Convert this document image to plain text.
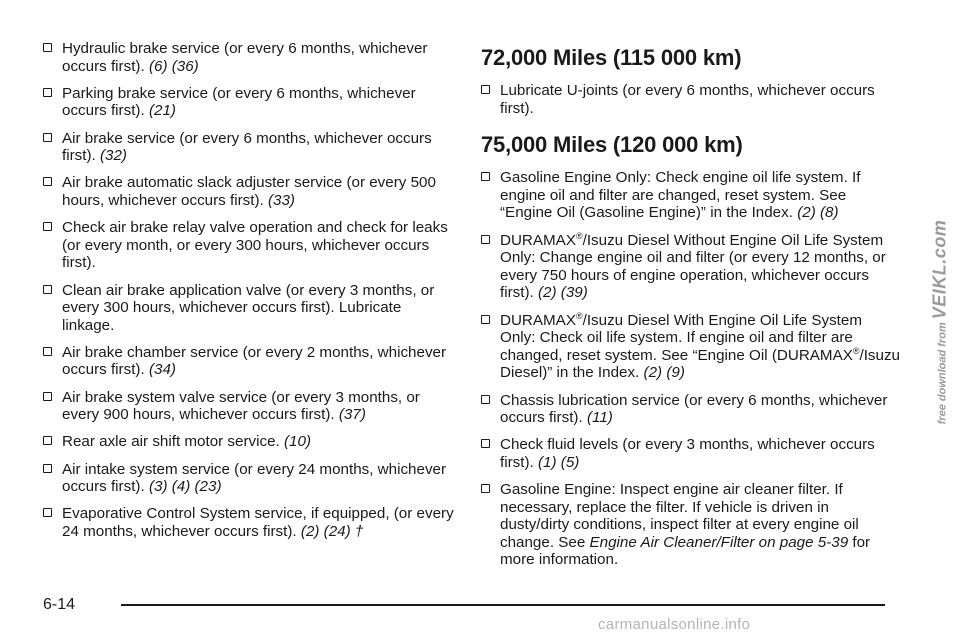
Hydraulic brake service (or every 6 months, whichever occurs first). (6) (36)
Parking brake service (or every 6 months, whichever occurs first). (21)
Air brake service (or every 6 months, whichever occurs first). (32)
Air brake automatic slack adjuster service (or every 500 hours, whichever occurs first). (33)
Check air brake relay valve operation and check for leaks (or every month, or every 300 hours, whichever occurs first).
Clean air brake application valve (or every 3 months, or every 300 hours, whichever occurs first). Lubricate linkage.
Air brake chamber service (or every 2 months, whichever occurs first). (34)
Air brake system valve service (or every 3 months, or every 900 hours, whichever occurs first). (37)
Rear axle air shift motor service. (10)
Air intake system service (or every 24 months, whichever occurs first). (3) (4) (23)
Evaporative Control System service, if equipped, (or every 24 months, whichever occurs first). (2) (24) †
72,000 Miles (115 000 km)
Lubricate U-joints (or every 6 months, whichever occurs first).
75,000 Miles (120 000 km)
Gasoline Engine Only: Check engine oil life system. If engine oil and filter are changed, reset system. See “Engine Oil (Gasoline Engine)” in the Index. (2) (8)
DURAMAX®/Isuzu Diesel Without Engine Oil Life System Only: Change engine oil and filter (or every 12 months, or every 750 hours of engine operation, whichever occurs first). (2) (39)
DURAMAX®/Isuzu Diesel With Engine Oil Life System Only: Check oil life system. If engine oil and filter are changed, reset system. See “Engine Oil (DURAMAX®/Isuzu Diesel)” in the Index. (2) (9)
Chassis lubrication service (or every 6 months, whichever occurs first). (11)
Check fluid levels (or every 3 months, whichever occurs first). (1) (5)
Gasoline Engine: Inspect engine air cleaner filter. If necessary, replace the filter. If vehicle is driven in dusty/dirty conditions, inspect filter at every engine oil change. See Engine Air Cleaner/Filter on page 5-39 for more information.
6-14
free download from VEIKL.com
carmanualsonline.info
